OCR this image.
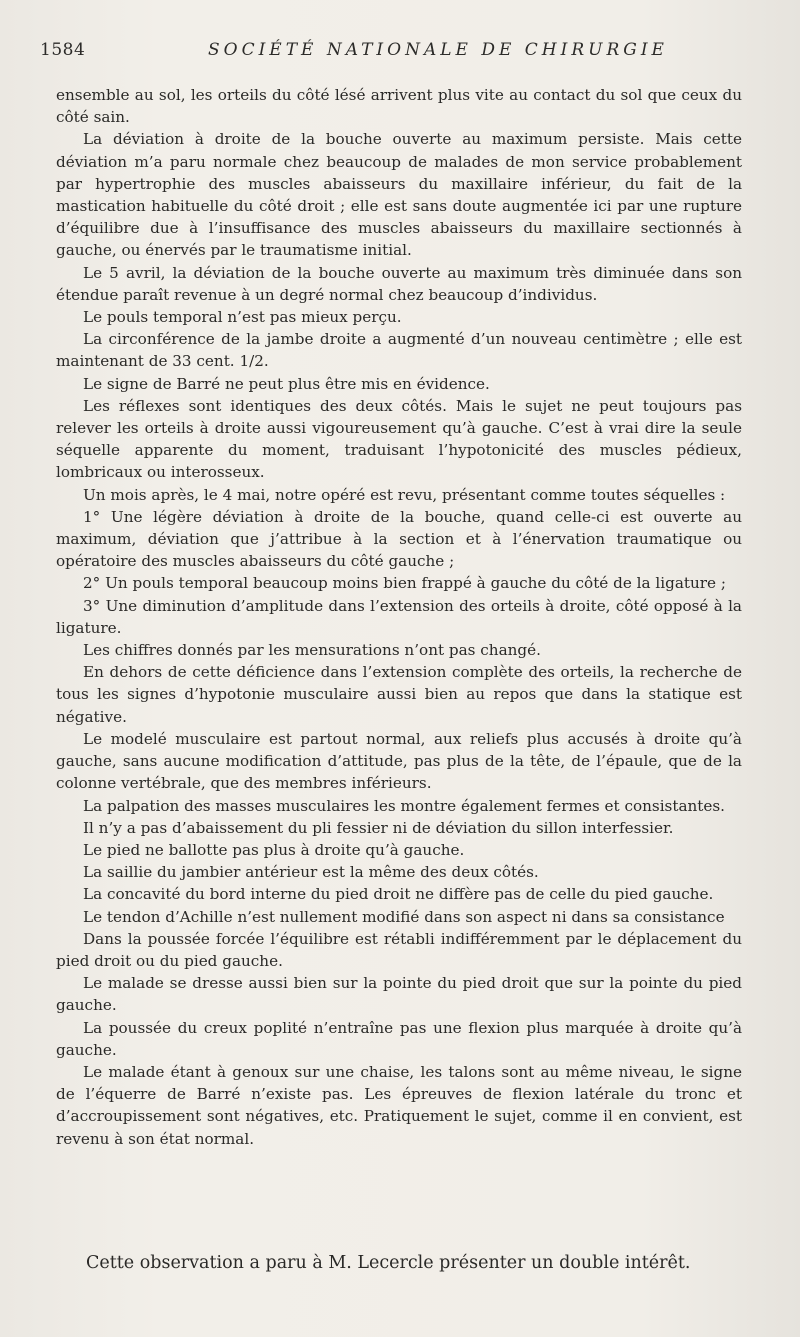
1584	SOCIÉTÉ NATIONALE DE CHIRURGIE

ensemble au sol, les orteils du côté lésé arrivent plus vite au contact du sol que ceux du côté sain.

La déviation à droite de la bouche ouverte au maximum persiste. Mais cette déviation m’a paru normale chez beaucoup de malades de mon service probablement par hypertrophie des muscles abaisseurs du maxillaire inférieur, du fait de la mastication habituelle du côté droit ; elle est sans doute augmentée ici par une rupture d’équilibre due à l’insuffisance des muscles abaisseurs du maxillaire sectionnés à gauche, ou énervés par le traumatisme initial.

Le 5 avril, la déviation de la bouche ouverte au maximum très diminuée dans son étendue paraît revenue à un degré normal chez beaucoup d’individus.

Le pouls temporal n’est pas mieux perçu.

La circonférence de la jambe droite a augmenté d’un nouveau centimètre ; elle est maintenant de 33 cent. 1/2.

Le signe de Barré ne peut plus être mis en évidence.

Les réflexes sont identiques des deux côtés. Mais le sujet ne peut toujours pas relever les orteils à droite aussi vigoureusement qu’à gauche. C’est à vrai dire la seule séquelle apparente du moment, traduisant l’hypotonicité des muscles pédieux, lombricaux ou interosseux.

Un mois après, le 4 mai, notre opéré est revu, présentant comme toutes séquelles :

1° Une légère déviation à droite de la bouche, quand celle-ci est ouverte au maximum, déviation que j’attribue à la section et à l’énervation traumatique ou opératoire des muscles abaisseurs du côté gauche ;

2° Un pouls temporal beaucoup moins bien frappé à gauche du côté de la ligature ;

3° Une diminution d’amplitude dans l’extension des orteils à droite, côté opposé à la ligature.

Les chiffres donnés par les mensurations n’ont pas changé.

En dehors de cette déficience dans l’extension complète des orteils, la recherche de tous les signes d’hypotonie musculaire aussi bien au repos que dans la statique est négative.

Le modelé musculaire est partout normal, aux reliefs plus accusés à droite qu’à gauche, sans aucune modification d’attitude, pas plus de la tête, de l’épaule, que de la colonne vertébrale, que des membres inférieurs.

La palpation des masses musculaires les montre également fermes et consistantes.

Il n’y a pas d’abaissement du pli fessier ni de déviation du sillon interfessier.

Le pied ne ballotte pas plus à droite qu’à gauche.

La saillie du jambier antérieur est la même des deux côtés.

La concavité du bord interne du pied droit ne diffère pas de celle du pied gauche.

Le tendon d’Achille n’est nullement modifié dans son aspect ni dans sa consistance

Dans la poussée forcée l’équilibre est rétabli indifféremment par le déplacement du pied droit ou du pied gauche.

Le malade se dresse aussi bien sur la pointe du pied droit que sur la pointe du pied gauche.

La poussée du creux poplité n’entraîne pas une flexion plus marquée à droite qu’à gauche.

Le malade étant à genoux sur une chaise, les talons sont au même niveau, le signe de l’équerre de Barré n’existe pas. Les épreuves de flexion latérale du tronc et d’accroupissement sont négatives, etc. Pratiquement le sujet, comme il en convient, est revenu à son état normal.

Cette observation a paru à M. Lecercle présenter un double intérêt.
